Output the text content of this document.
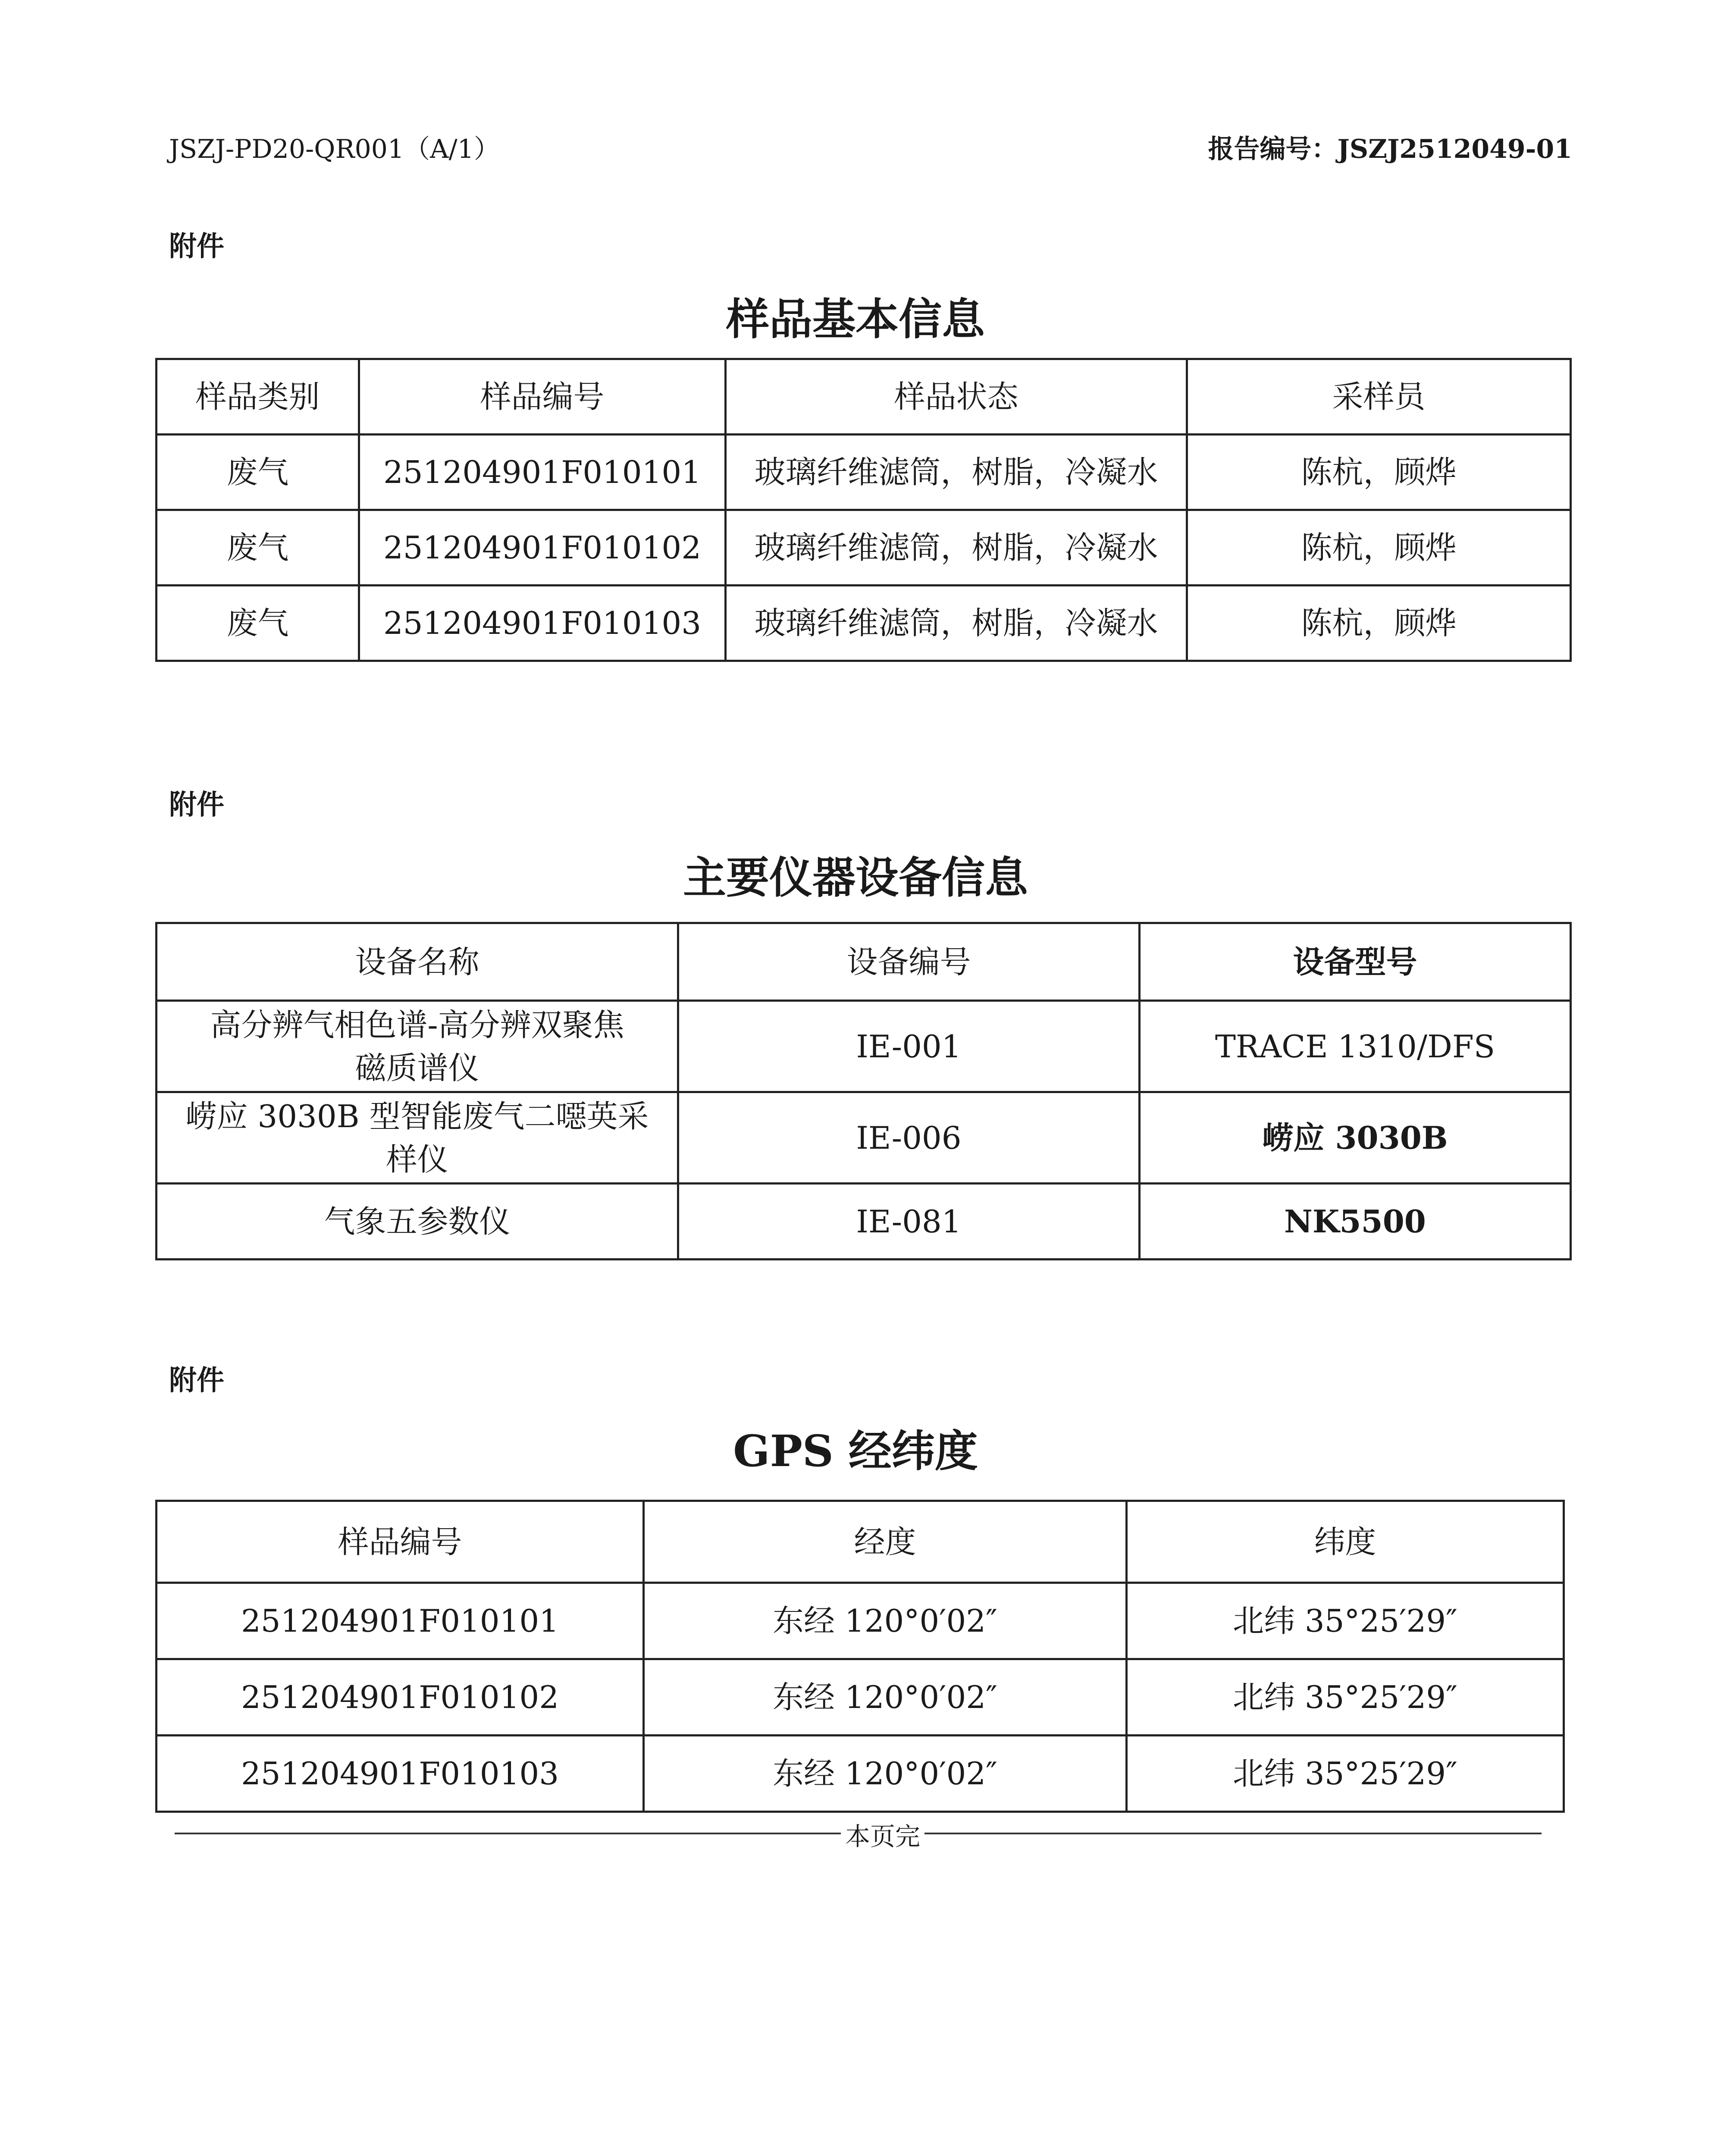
JSZJ-PD20-QR001（A/1）	报告编号：JSZJ2512049-01
附件
样品基本信息
样品类别	样品编号	样品状态	采样员
废气	251204901F010101	玻璃纤维滤筒，树脂，冷凝水	陈杭，顾烨
废气	251204901F010102	玻璃纤维滤筒，树脂，冷凝水	陈杭，顾烨
废气	251204901F010103	玻璃纤维滤筒，树脂，冷凝水	陈杭，顾烨
附件
主要仪器设备信息
设备名称	设备编号	设备型号

高分辨气相色谱-高分辨双聚焦
磁质谱仪	IE-001	TRACE 1310/DFS

崂应 3030B 型智能废气二噁英采
样仪	IE-006	崂应 3030B

气象五参数仪	IE-081	NK5500
附件
GPS 经纬度
样品编号	经度	纬度
251204901F010101	东经 120°0′02″	北纬 35°25′29″
251204901F010102	东经 120°0′02″	北纬 35°25′29″
251204901F010103	东经 120°0′02″	北纬 35°25′29″
本页完
